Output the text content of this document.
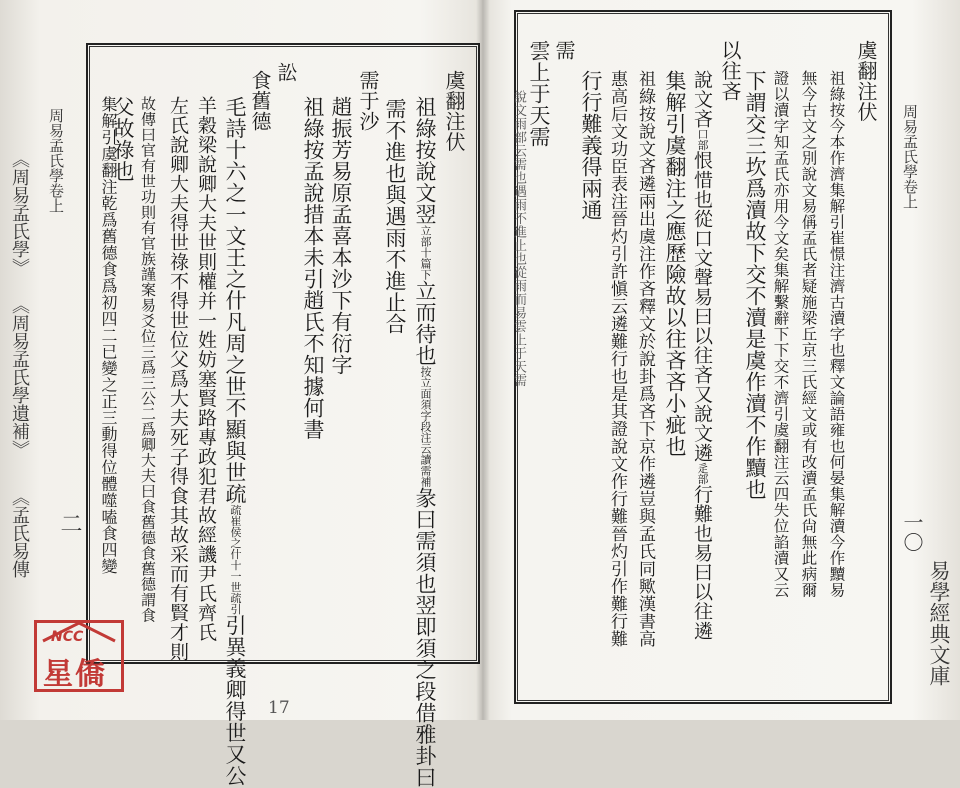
周易孟氏學卷上
《周易孟氏學》
《周易孟氏學遺補》
《孟氏易傳 二
虞翻注伏
祖綠按說文翌立部十篇下立而待也按立面須字段注云讀需補彖曰需須也翌即須之段借雅卦曰
需不進也與遇雨不進止合
需于沙
趙振芳易原孟喜本沙下有衍字
祖綠按孟說措本未引趙氏不知據何書
訟
食舊德
毛詩十六之一文王之什凡周之世不顯與世疏疏崔侯之什十一世疏引引異義卿得世又公
羊穀梁說卿大夫世則權并一姓妨塞賢路專政犯君故經譏尹氏齊氏
左氏說卿大夫得世祿不得世位父爲大夫死子得食其故采而有賢才則
故傳曰官有世功則有官族謹案易爻位三爲三公二爲卿大夫曰食舊德食舊德謂食
父故祿也
集解引虞翻注乾爲舊德食爲初四二已變之正三動得位體噬嗑食四變
17
NCC
星僑
周易孟氏學卷上
一〇
易學經典文庫
虞翻注伏
祖綠按今本作濟集解引崔憬注濟古瀆字也釋文論語雍也何晏集解瀆今作黷易
無今古文之別說文易偁孟氏者疑施梁丘京三氏經文或有改瀆孟氏尙無此病爾
證以瀆字知孟氏亦用今文矣集解繫辭下下交不濟引虞翻注云四失位諂瀆又云
下謂交三坎爲瀆故下交不瀆是虞作瀆不作黷也
以往吝
說文吝口部恨惜也從口文聲易曰以往吝又說文遴辵部行難也易曰以往遴
集解引虞翻注之應歷險故以往吝吝小疵也
祖綠按說文吝遴兩出虞注作吝釋文於說卦爲吝下京作遴豈與孟氏同歟漢書高
惠高后文功臣表注晉灼引許愼云遴難行也是其證說文作行難晉灼引作難行難
行行難義得兩通
需
雲上于天需
說文雨部云需也遇雨不進止也從雨而易雲上于天需
